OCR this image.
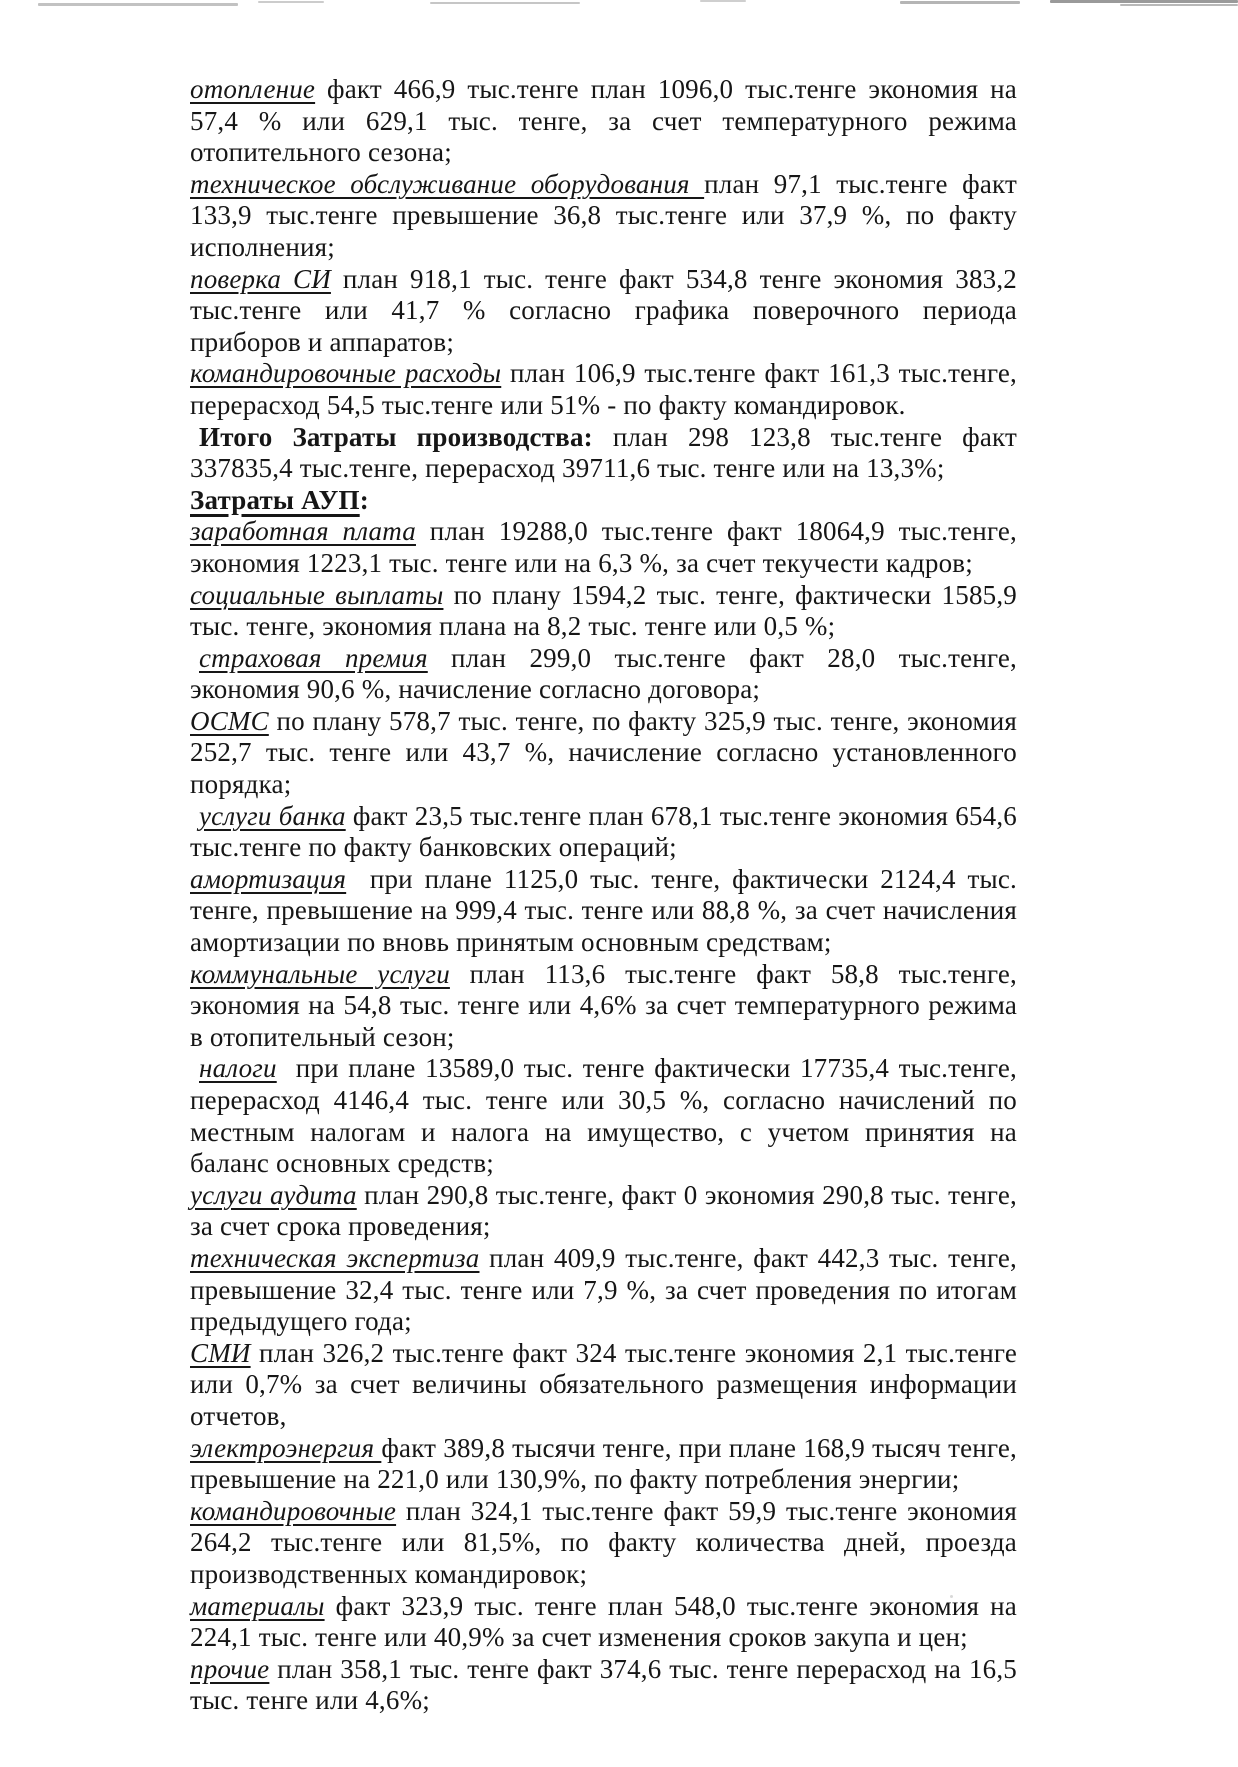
отопление факт 466,9 тыс.тенге план 1096,0 тыс.тенге экономия на 57,4 % или 629,1 тыс. тенге, за счет температурного режима отопительного сезона;

техническое обслуживание оборудования план 97,1 тыс.тенге факт 133,9 тыс.тенге превышение 36,8 тыс.тенге или 37,9 %, по факту исполнения;

поверка СИ план 918,1 тыс. тенге факт 534,8 тенге экономия 383,2 тыс.тенге или 41,7 % согласно графика поверочного периода приборов и аппаратов;

командировочные расходы план 106,9 тыс.тенге факт 161,3 тыс.тенге, перерасход 54,5 тыс.тенге или 51% - по факту командировок.

Итого Затраты производства: план 298 123,8 тыс.тенге факт 337835,4 тыс.тенге, перерасход 39711,6 тыс. тенге или на 13,3%;

Затраты АУП:

заработная плата план 19288,0 тыс.тенге факт 18064,9 тыс.тенге, экономия 1223,1 тыс. тенге или на 6,3 %, за счет текучести кадров;

социальные выплаты по плану 1594,2 тыс. тенге, фактически 1585,9 тыс. тенге, экономия плана на 8,2 тыс. тенге или 0,5 %;

страховая премия план 299,0 тыс.тенге факт 28,0 тыс.тенге, экономия 90,6 %, начисление согласно договора;

ОСМС по плану 578,7 тыс. тенге, по факту 325,9 тыс. тенге, экономия 252,7 тыс. тенге или 43,7 %, начисление согласно установленного порядка;

услуги банка факт 23,5 тыс.тенге план 678,1 тыс.тенге экономия 654,6 тыс.тенге по факту банковских операций;

амортизация  при плане 1125,0 тыс. тенге, фактически 2124,4 тыс. тенге, превышение на 999,4 тыс. тенге или 88,8 %, за счет начисления амортизации по вновь принятым основным средствам;

коммунальные услуги план 113,6 тыс.тенге факт 58,8 тыс.тенге, экономия на 54,8 тыс. тенге или 4,6% за счет температурного режима в отопительный сезон;

налоги  при плане 13589,0 тыс. тенге фактически 17735,4 тыс.тенге, перерасход 4146,4 тыс. тенге или 30,5 %, согласно начислений по местным налогам и налога на имущество, с учетом принятия на баланс основных средств;

услуги аудита план 290,8 тыс.тенге, факт 0 экономия 290,8 тыс. тенге, за счет срока проведения;

техническая экспертиза план 409,9 тыс.тенге, факт 442,3 тыс. тенге, превышение 32,4 тыс. тенге или 7,9 %, за счет проведения по итогам предыдущего года;

СМИ план 326,2 тыс.тенге факт 324 тыс.тенге экономия 2,1 тыс.тенге или 0,7% за счет величины обязательного размещения информации отчетов,

электроэнергия факт 389,8 тысячи тенге, при плане 168,9 тысяч тенге, превышение на 221,0 или 130,9%, по факту потребления энергии;

командировочные план 324,1 тыс.тенге факт 59,9 тыс.тенге экономия 264,2 тыс.тенге или 81,5%, по факту количества дней, проезда производственных командировок;

материалы факт 323,9 тыс. тенге план 548,0 тыс.тенге экономия на 224,1 тыс. тенге или 40,9% за счет изменения сроков закупа и цен;

прочие план 358,1 тыс. тенге факт 374,6 тыс. тенге перерасход на 16,5 тыс. тенге или 4,6%;
